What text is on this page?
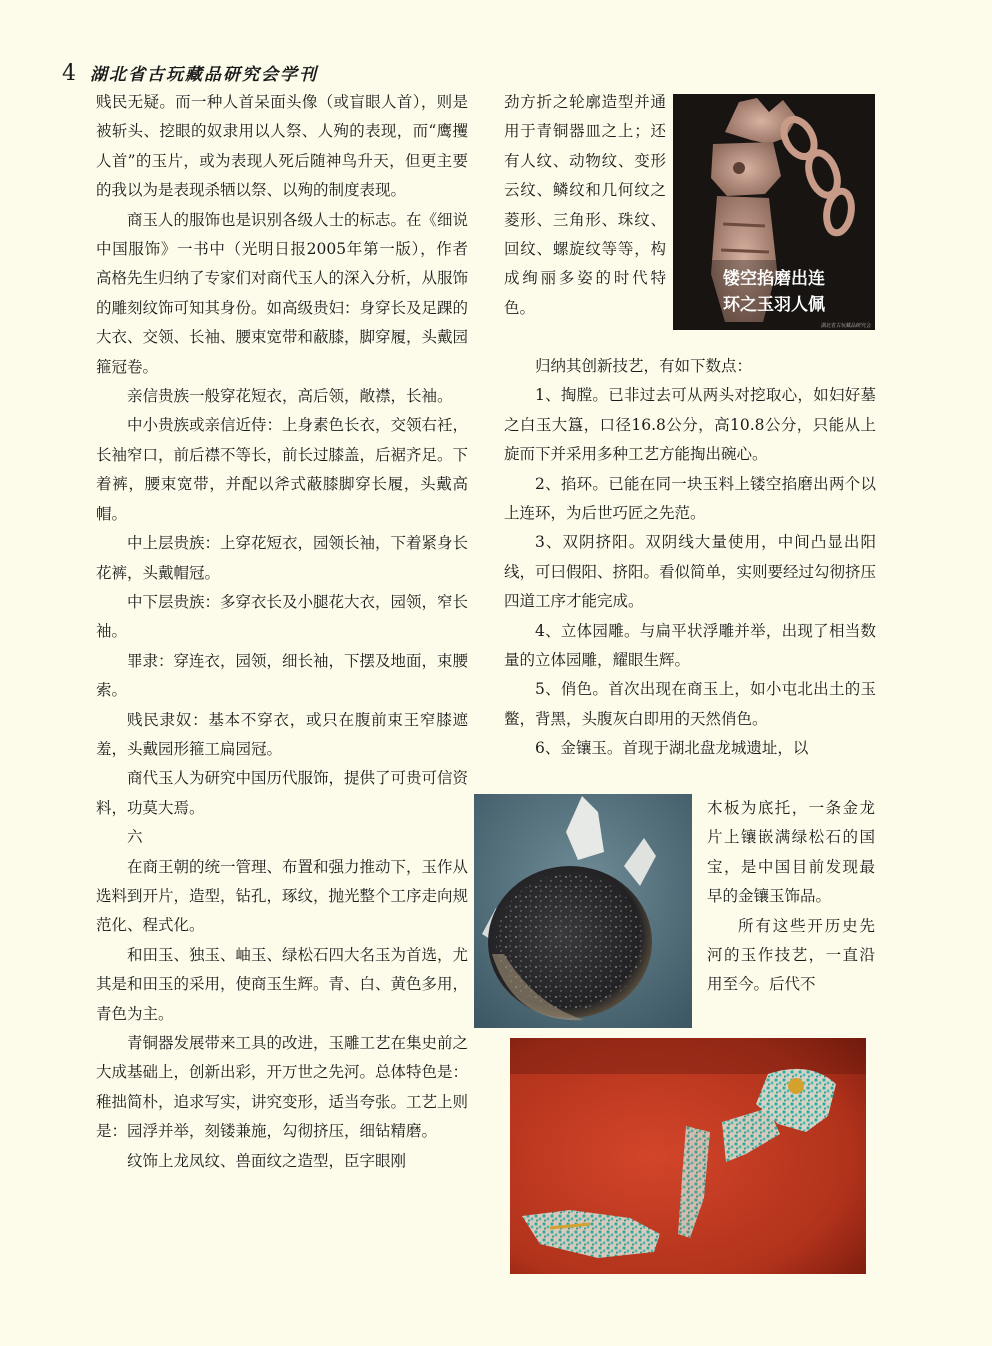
4 湖北省古玩藏品研究会学刊

贱民无疑。而一种人首呆面头像（或盲眼人首），则是被斩头、挖眼的奴隶用以人祭、人殉的表现，而“鹰攫人首”的玉片，或为表现人死后随神鸟升天，但更主要的我以为是表现杀牺以祭、以殉的制度表现。

商玉人的服饰也是识别各级人士的标志。在《细说中国服饰》一书中（光明日报2005年第一版），作者高格先生归纳了专家们对商代玉人的深入分析，从服饰的雕刻纹饰可知其身份。如高级贵妇：身穿长及足踝的大衣、交领、长袖、腰束宽带和蔽膝，脚穿履，头戴园箍冠卷。

亲信贵族一般穿花短衣，高后领，敞襟，长袖。

中小贵族或亲信近侍：上身素色长衣，交领右衽，长袖窄口，前后襟不等长，前长过膝盖，后裾齐足。下着裤，腰束宽带，并配以斧式蔽膝脚穿长履，头戴高帽。

中上层贵族：上穿花短衣，园领长袖，下着紧身长花裤，头戴帽冠。

中下层贵族：多穿衣长及小腿花大衣，园领，窄长袖。

罪隶：穿连衣，园领，细长袖，下摆及地面，束腰索。

贱民隶奴：基本不穿衣，或只在腹前束王窄膝遮羞，头戴园形箍工扁园冠。

商代玉人为研究中国历代服饰，提供了可贵可信资料，功莫大焉。

六

在商王朝的统一管理、布置和强力推动下，玉作从选料到开片，造型，钻孔，琢纹，抛光整个工序走向规范化、程式化。

和田玉、独玉、岫玉、绿松石四大名玉为首选，尤其是和田玉的采用，使商玉生辉。青、白、黄色多用，青色为主。

青铜器发展带来工具的改进，玉雕工艺在集史前之大成基础上，创新出彩，开万世之先河。总体特色是：稚拙简朴，追求写实，讲究变形，适当夸张。工艺上则是：园浮并举，刻镂兼施，勾彻挤压，细钻精磨。

纹饰上龙凤纹、兽面纹之造型，臣字眼刚

劲方折之轮廓造型并通用于青铜器皿之上；还有人纹、动物纹、变形云纹、鳞纹和几何纹之菱形、三角形、珠纹、回纹、螺旋纹等等，构成绚丽多姿的时代特色。

镂空掐磨出连
环之玉羽人佩
湖北省古玩藏品研究会

归纳其创新技艺，有如下数点：

1、掏膛。已非过去可从两头对挖取心，如妇好墓之白玉大簋，口径16.8公分，高10.8公分，只能从上旋而下并采用多种工艺方能掏出碗心。

2、掐环。已能在同一块玉料上镂空掐磨出两个以上连环，为后世巧匠之先范。

3、双阴挤阳。双阴线大量使用，中间凸显出阳线，可曰假阳、挤阳。看似简单，实则要经过勾彻挤压四道工序才能完成。

4、立体园雕。与扁平状浮雕并举，出现了相当数量的立体园雕，耀眼生辉。

5、俏色。首次出现在商玉上，如小屯北出土的玉鳖，背黑，头腹灰白即用的天然俏色。

6、金镶玉。首现于湖北盘龙城遗址，以

木板为底托，一条金龙片上镶嵌满绿松石的国宝，是中国目前发现最早的金镶玉饰品。

所有这些开历史先河的玉作技艺，一直沿用至今。后代不
